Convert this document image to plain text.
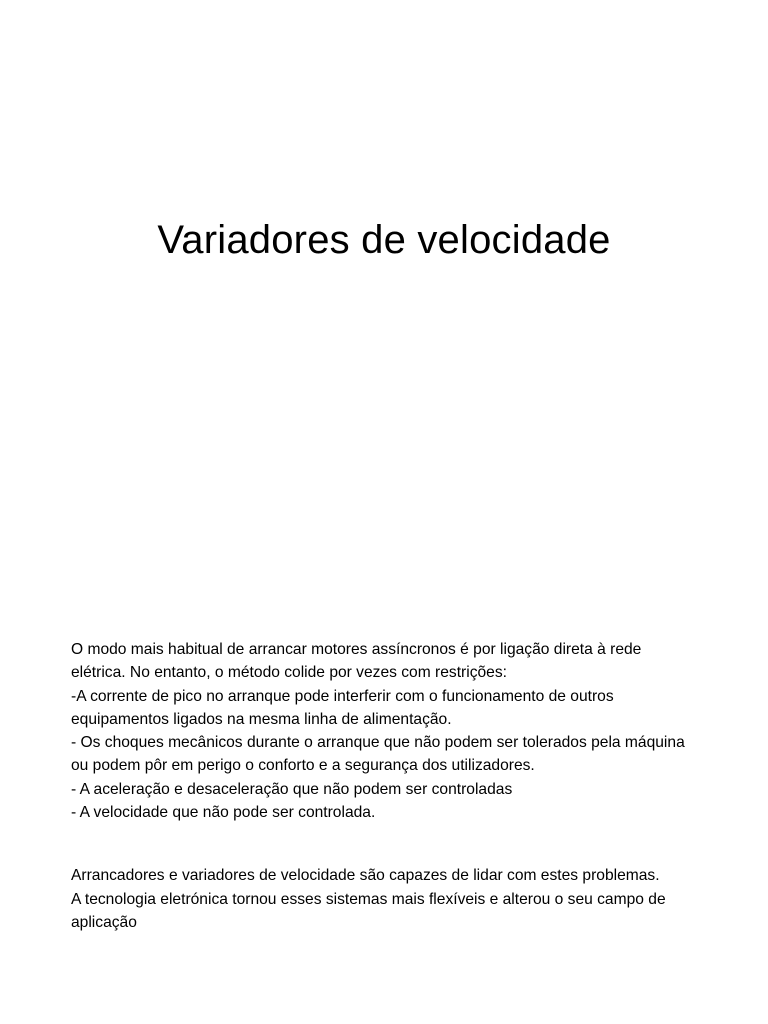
Variadores de velocidade

O modo mais habitual de arrancar motores assíncronos é por ligação direta à rede elétrica. No entanto, o método colide por vezes com restrições:

-A corrente de pico no arranque pode interferir com o funcionamento de outros equipamentos ligados na mesma linha de alimentação.

- Os choques mecânicos durante o arranque que não podem ser tolerados pela máquina ou podem pôr em perigo o conforto e a segurança dos utilizadores.

- A aceleração e desaceleração que não podem ser controladas

- A velocidade que não pode ser controlada.

Arrancadores e variadores de velocidade são capazes de lidar com estes problemas.

A tecnologia eletrónica tornou esses sistemas mais flexíveis e alterou o seu campo de aplicação
